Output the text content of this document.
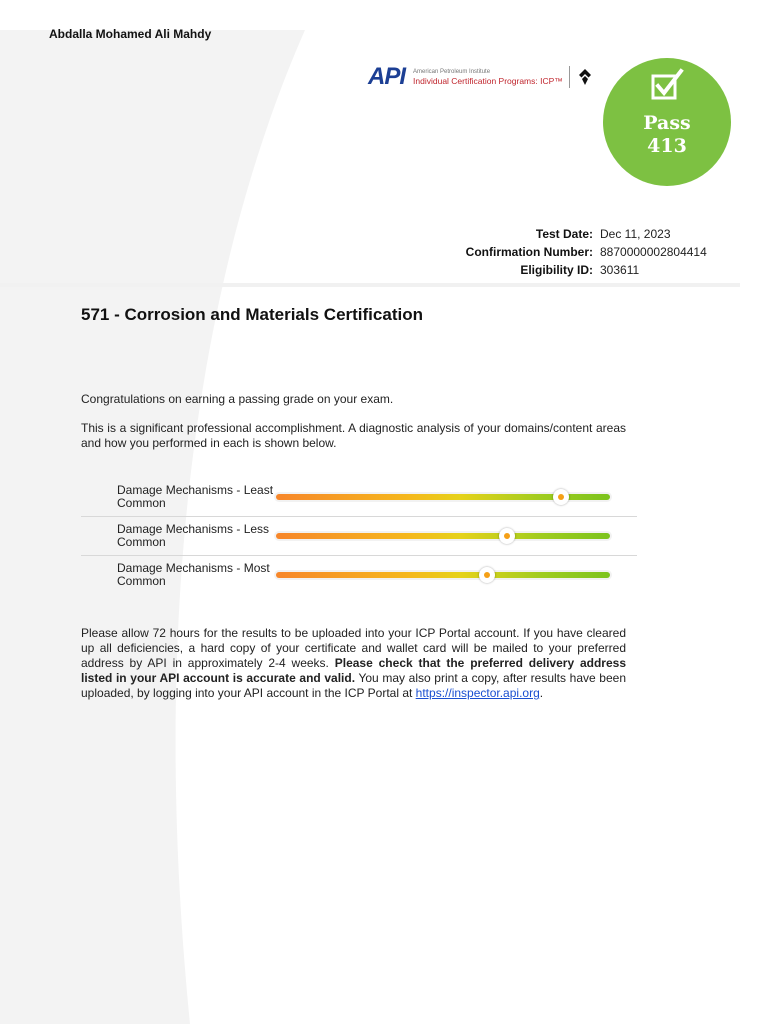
Abdalla Mohamed Ali Mahdy
API American Petroleum Institute
Individual Certification Programs: ICP™
Pass
413
Test Date: Dec 11, 2023
Confirmation Number: 8870000002804414
Eligibility ID: 303611
571 - Corrosion and Materials Certification
Congratulations on earning a passing grade on your exam.
This is a significant professional accomplishment. A diagnostic analysis of your domains/content areas and how you performed in each is shown below.
Damage Mechanisms - Least Common
Damage Mechanisms - Less Common
Damage Mechanisms - Most Common
Please allow 72 hours for the results to be uploaded into your ICP Portal account. If you have cleared up all deficiencies, a hard copy of your certificate and wallet card will be mailed to your preferred address by API in approximately 2-4 weeks. Please check that the preferred delivery address listed in your API account is accurate and valid. You may also print a copy, after results have been uploaded, by logging into your API account in the ICP Portal at https://inspector.api.org.
